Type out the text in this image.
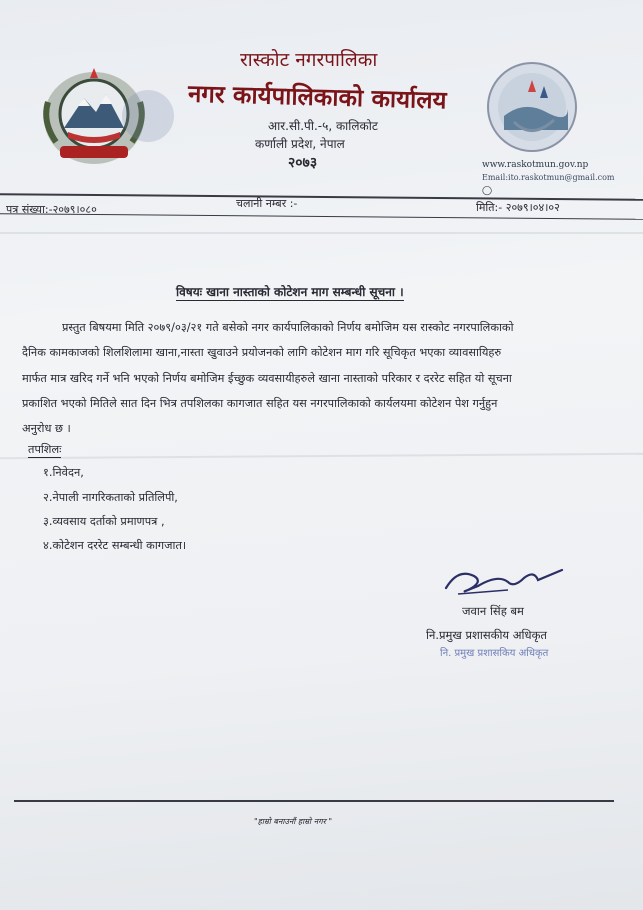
रास्कोट नगरपालिका
नगर कार्यपालिकाको कार्यालय
आर.सी.पी.-५, कालिकोट
कर्णाली प्रदेश, नेपाल
२०७३	www.raskotmun.gov.np
Email:ito.raskotmun@gmail.com
◯
पत्र संख्या:-२०७९।०८०	चलानी नम्बर :-	मिति:- २०७९।०४।०२
विषयः खाना नास्ताको कोटेशन माग सम्बन्धी सूचना ।
प्रस्तुत बिषयमा मिति २०७९/०३/२१ गते बसेको नगर कार्यपालिकाको निर्णय बमोजिम यस रास्कोट नगरपालिकाको
दैनिक कामकाजको शिलशिलामा खाना,नास्ता खुवाउने प्रयोजनको लागि कोटेशन माग गरि सूचिकृत भएका व्यावसायिहरु
मार्फत मात्र खरिद गर्ने भनि भएको निर्णय बमोजिम ईच्छुक व्यवसायीहरुले खाना नास्ताको परिकार र दररेट सहित यो सूचना
प्रकाशित भएको मितिले सात दिन भित्र तपशिलका कागजात सहित यस नगरपालिकाको कार्यलयमा कोटेशन पेश गर्नुहुन
अनुरोध छ ।
तपशिलः
१.निवेदन,
२.नेपाली नागरिकताको प्रतिलिपी,
३.व्यवसाय दर्ताको प्रमाणपत्र ,
४.कोटेशन दररेट सम्बन्धी कागजात।
जवान सिंह बम
नि.प्रमुख प्रशासकीय अधिकृत
नि. प्रमुख प्रशासकिय अधिकृत
"हाम्रो बनाउनौं हाम्रो नगर "
